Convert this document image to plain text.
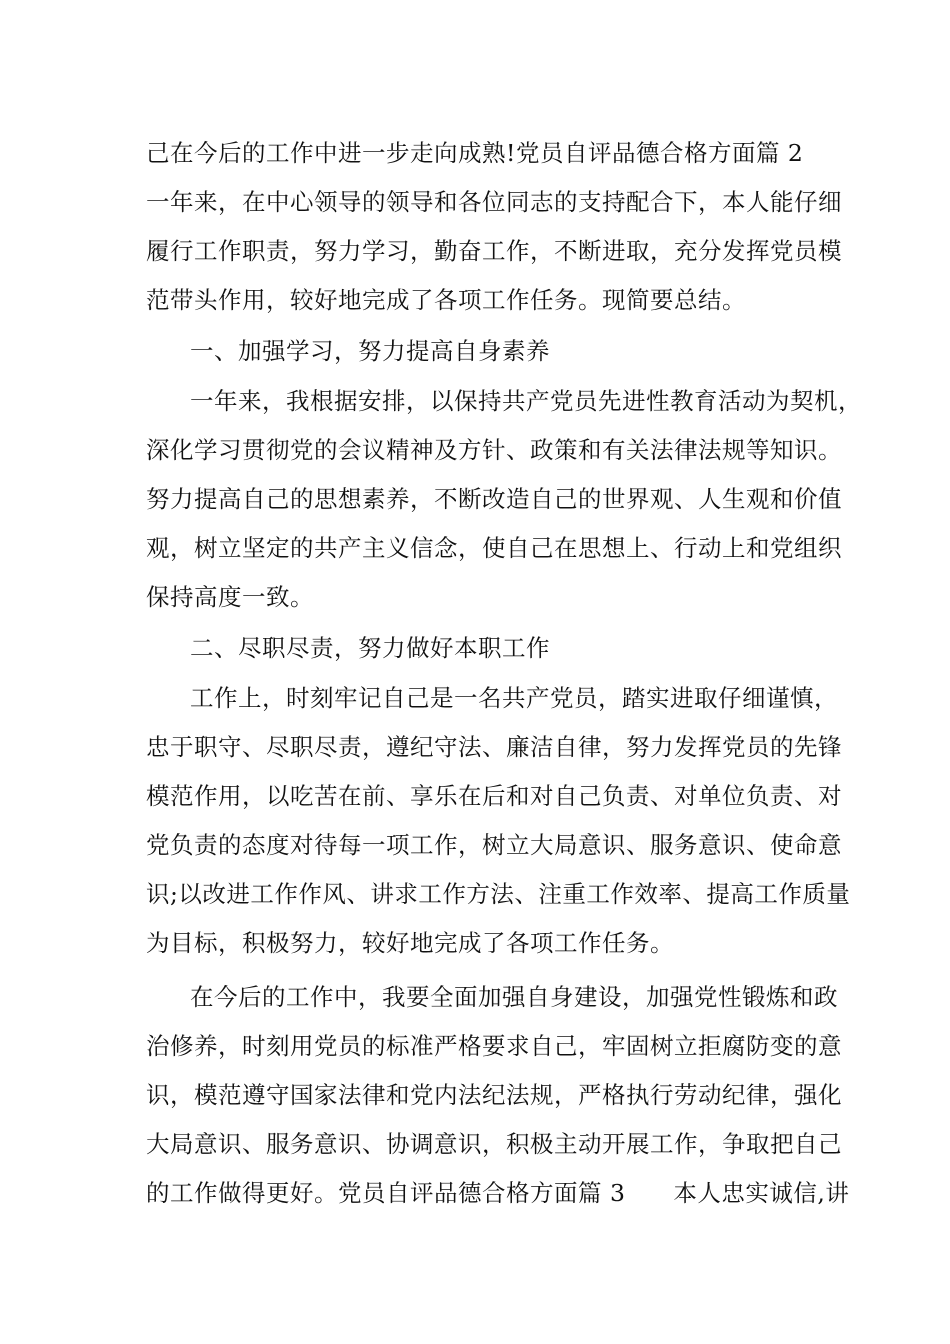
己在今后的工作中进一步走向成熟!党员自评品德合格方面篇 2
一年来，在中心领导的领导和各位同志的支持配合下，本人能仔细
履行工作职责，努力学习，勤奋工作，不断进取，充分发挥党员模
范带头作用，较好地完成了各项工作任务。现简要总结。
一、加强学习，努力提高自身素养
一年来，我根据安排，以保持共产党员先进性教育活动为契机，
深化学习贯彻党的会议精神及方针、政策和有关法律法规等知识。
努力提高自己的思想素养，不断改造自己的世界观、人生观和价值
观，树立坚定的共产主义信念，使自己在思想上、行动上和党组织
保持高度一致。
二、尽职尽责，努力做好本职工作
工作上，时刻牢记自己是一名共产党员，踏实进取仔细谨慎，
忠于职守、尽职尽责，遵纪守法、廉洁自律，努力发挥党员的先锋
模范作用，以吃苦在前、享乐在后和对自己负责、对单位负责、对
党负责的态度对待每一项工作，树立大局意识、服务意识、使命意
识;以改进工作作风、讲求工作方法、注重工作效率、提高工作质量
为目标，积极努力，较好地完成了各项工作任务。
在今后的工作中，我要全面加强自身建设，加强党性锻炼和政
治修养，时刻用党员的标准严格要求自己，牢固树立拒腐防变的意
识，模范遵守国家法律和党内法纪法规，严格执行劳动纪律，强化
大局意识、服务意识、协调意识，积极主动开展工作，争取把自己
的工作做得更好。党员自评品德合格方面篇 3　　本人忠实诚信,讲
